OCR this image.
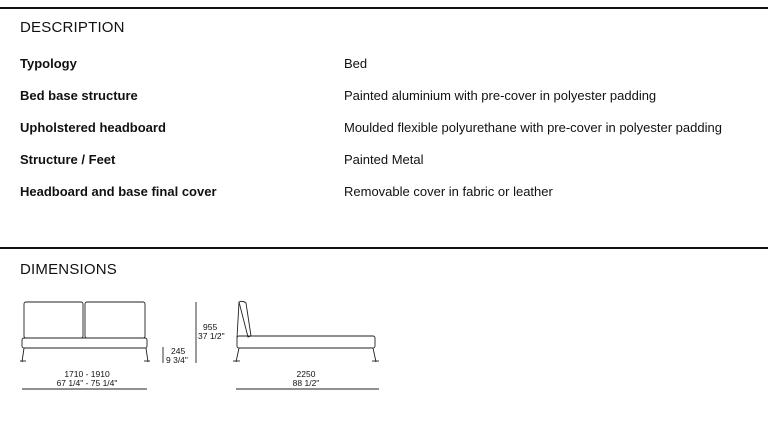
DESCRIPTION
Typology	Bed
Bed base structure	Painted aluminium with pre-cover in polyester padding
Upholstered headboard	Moulded flexible polyurethane with pre-cover in polyester padding
Structure / Feet	Painted Metal
Headboard and base final cover	Removable cover in fabric or leather
DIMENSIONS
1710 - 1910
67 1/4" - 75 1/4"
245
9 3/4"
955
37 1/2"
2250
88 1/2"
